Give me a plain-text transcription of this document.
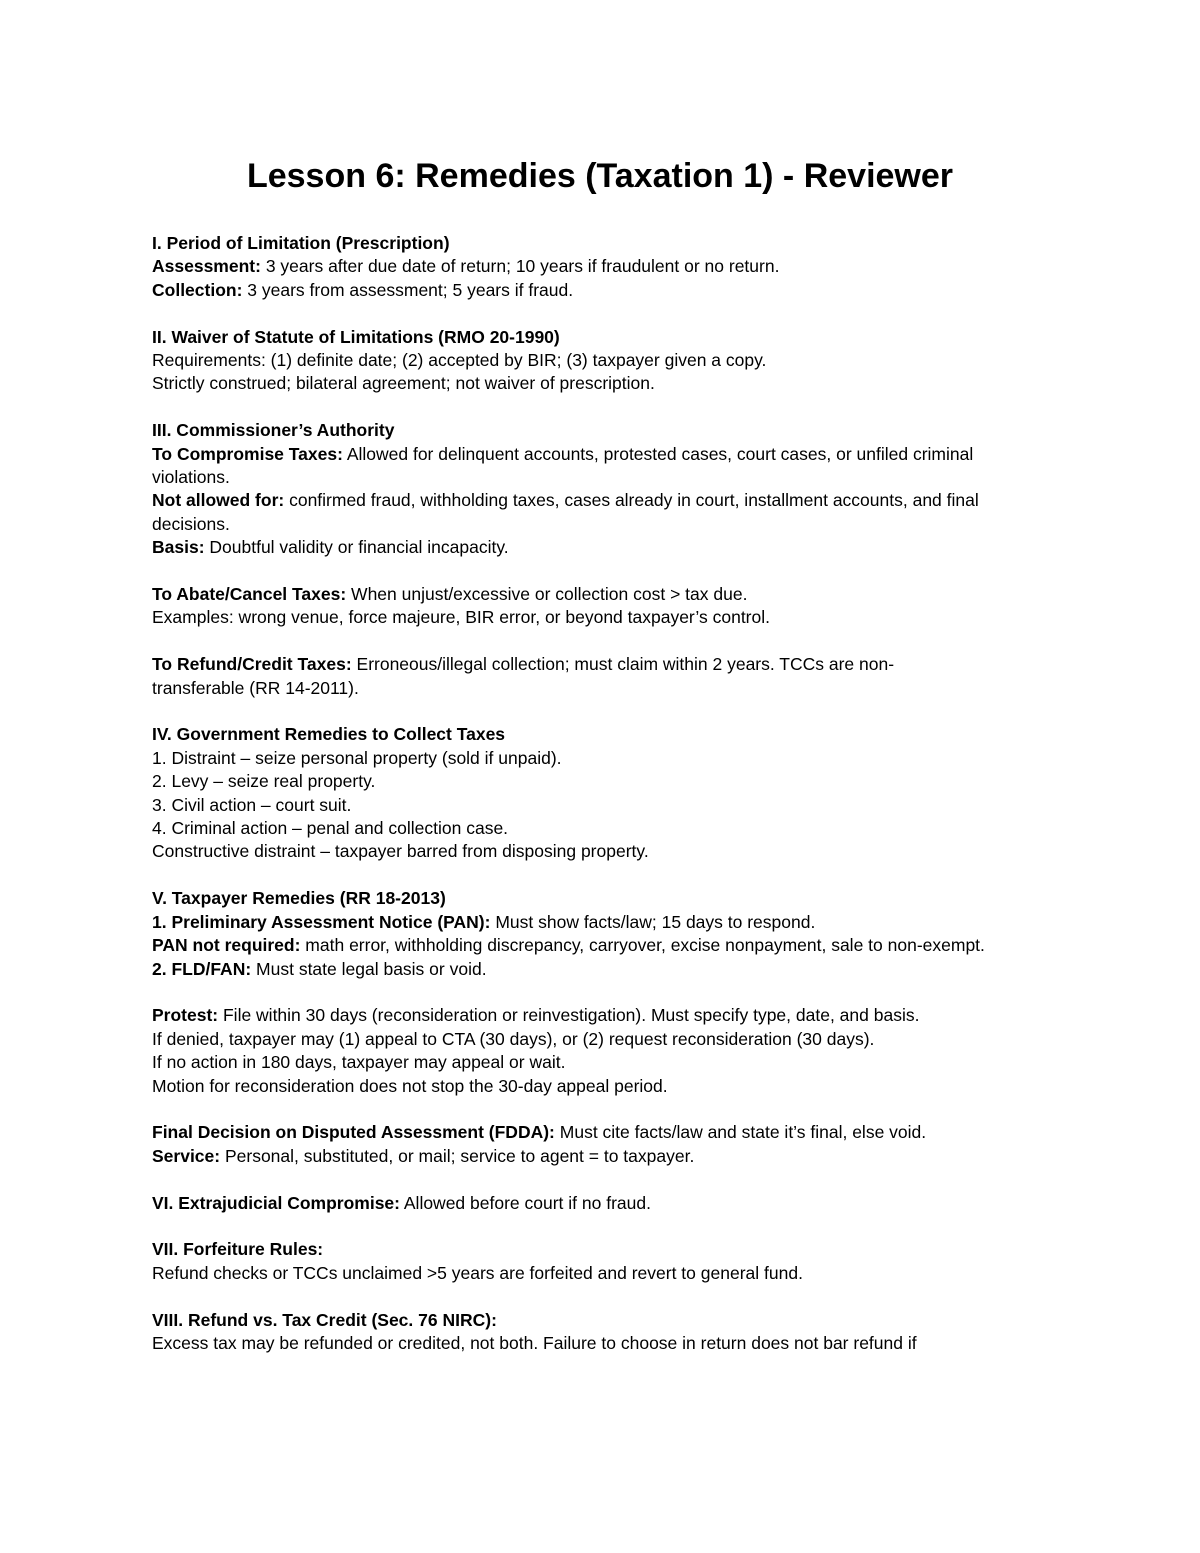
Lesson 6: Remedies (Taxation 1) - Reviewer

I. Period of Limitation (Prescription)

Assessment: 3 years after due date of return; 10 years if fraudulent or no return.

Collection: 3 years from assessment; 5 years if fraud.

II. Waiver of Statute of Limitations (RMO 20-1990)

Requirements: (1) definite date; (2) accepted by BIR; (3) taxpayer given a copy.

Strictly construed; bilateral agreement; not waiver of prescription.

III. Commissioner’s Authority

To Compromise Taxes: Allowed for delinquent accounts, protested cases, court cases, or unfiled criminal violations.

Not allowed for: confirmed fraud, withholding taxes, cases already in court, installment accounts, and final decisions.

Basis: Doubtful validity or financial incapacity.

To Abate/Cancel Taxes: When unjust/excessive or collection cost > tax due.

Examples: wrong venue, force majeure, BIR error, or beyond taxpayer’s control.

To Refund/Credit Taxes: Erroneous/illegal collection; must claim within 2 years. TCCs are non-transferable (RR 14-2011).

IV. Government Remedies to Collect Taxes

1. Distraint – seize personal property (sold if unpaid).

2. Levy – seize real property.

3. Civil action – court suit.

4. Criminal action – penal and collection case.

Constructive distraint – taxpayer barred from disposing property.

V. Taxpayer Remedies (RR 18-2013)

1. Preliminary Assessment Notice (PAN): Must show facts/law; 15 days to respond.

PAN not required: math error, withholding discrepancy, carryover, excise nonpayment, sale to non-exempt.

2. FLD/FAN: Must state legal basis or void.

Protest: File within 30 days (reconsideration or reinvestigation). Must specify type, date, and basis.

If denied, taxpayer may (1) appeal to CTA (30 days), or (2) request reconsideration (30 days).

If no action in 180 days, taxpayer may appeal or wait.

Motion for reconsideration does not stop the 30-day appeal period.

Final Decision on Disputed Assessment (FDDA): Must cite facts/law and state it’s final, else void.

Service: Personal, substituted, or mail; service to agent = to taxpayer.

VI. Extrajudicial Compromise: Allowed before court if no fraud.

VII. Forfeiture Rules:

Refund checks or TCCs unclaimed >5 years are forfeited and revert to general fund.

VIII. Refund vs. Tax Credit (Sec. 76 NIRC):

Excess tax may be refunded or credited, not both. Failure to choose in return does not bar refund if
